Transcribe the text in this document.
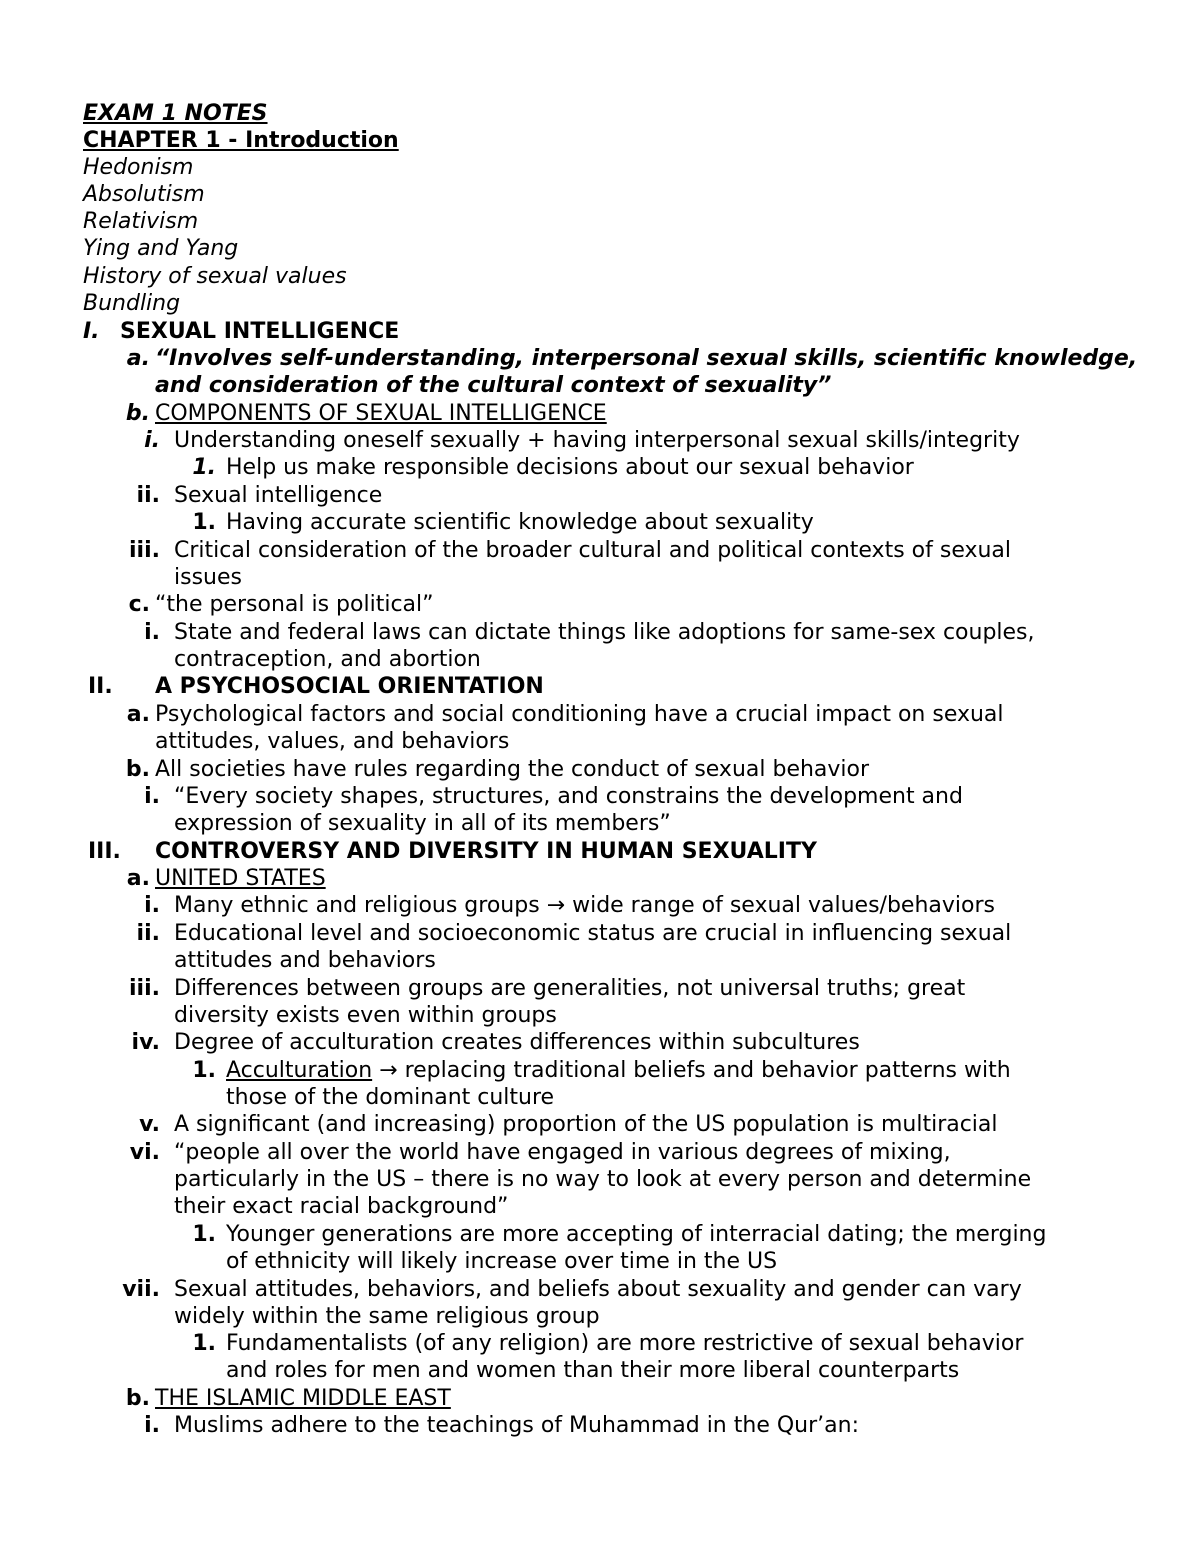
EXAM 1 NOTES
CHAPTER 1 - Introduction
Hedonism
Absolutism
Relativism
Ying and Yang
History of sexual values
Bundling
I. SEXUAL INTELLIGENCE
a. “Involves self-understanding, interpersonal sexual skills, scientific knowledge,
and consideration of the cultural context of sexuality”
b. COMPONENTS OF SEXUAL INTELLIGENCE
i. Understanding oneself sexually + having interpersonal sexual skills/integrity
1. Help us make responsible decisions about our sexual behavior
ii. Sexual intelligence
1. Having accurate scientific knowledge about sexuality
iii. Critical consideration of the broader cultural and political contexts of sexual
issues
c. “the personal is political”
i. State and federal laws can dictate things like adoptions for same-sex couples,
contraception, and abortion
II. A PSYCHOSOCIAL ORIENTATION
a. Psychological factors and social conditioning have a crucial impact on sexual
attitudes, values, and behaviors
b. All societies have rules regarding the conduct of sexual behavior
i. “Every society shapes, structures, and constrains the development and
expression of sexuality in all of its members”
III. CONTROVERSY AND DIVERSITY IN HUMAN SEXUALITY
a. UNITED STATES
i. Many ethnic and religious groups → wide range of sexual values/behaviors
ii. Educational level and socioeconomic status are crucial in influencing sexual
attitudes and behaviors
iii. Differences between groups are generalities, not universal truths; great
diversity exists even within groups
iv. Degree of acculturation creates differences within subcultures
1. Acculturation → replacing traditional beliefs and behavior patterns with
those of the dominant culture
v. A significant (and increasing) proportion of the US population is multiracial
vi. “people all over the world have engaged in various degrees of mixing,
particularly in the US – there is no way to look at every person and determine
their exact racial background”
1. Younger generations are more accepting of interracial dating; the merging
of ethnicity will likely increase over time in the US
vii. Sexual attitudes, behaviors, and beliefs about sexuality and gender can vary
widely within the same religious group
1. Fundamentalists (of any religion) are more restrictive of sexual behavior
and roles for men and women than their more liberal counterparts
b. THE ISLAMIC MIDDLE EAST
i. Muslims adhere to the teachings of Muhammad in the Qur’an:
